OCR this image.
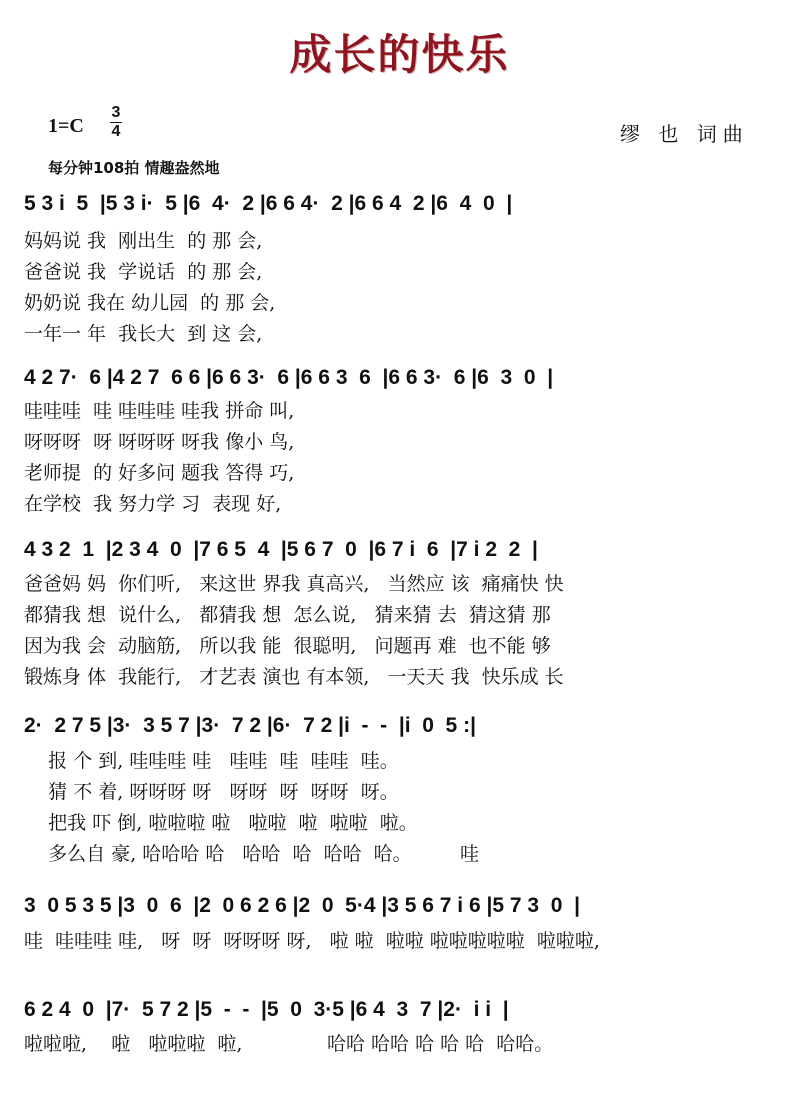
成长的快乐
1=C
3
4	缪 也 词曲
每分钟108拍 情趣盎然地
5 3 i  5  |5 3 i·  5 |6  4·  2 |6 6 4·  2 |6 6 4  2 |6  4  0  |
妈妈说 我  刚出生  的 那 会,
爸爸说 我  学说话  的 那 会,
奶奶说 我在 幼儿园  的 那 会,
一年一 年  我长大  到 这 会,
4 2 7·  6 |4 2 7  6 6 |6 6 3·  6 |6 6 3  6  |6 6 3·  6 |6  3  0  |
哇哇哇  哇 哇哇哇 哇我 拼命 叫,
呀呀呀  呀 呀呀呀 呀我 像小 鸟,
老师提  的 好多问 题我 答得 巧,
在学校  我 努力学 习  表现 好,
4 3 2  1  |2 3 4  0  |7 6 5  4  |5 6 7  0  |6 7 i  6  |7 i 2  2  |
爸爸妈 妈  你们听,   来这世 界我 真高兴,   当然应 该  痛痛快 快
都猜我 想  说什么,   都猜我 想  怎么说,   猜来猜 去  猜这猜 那
因为我 会  动脑筋,   所以我 能  很聪明,   问题再 难  也不能 够
锻炼身 体  我能行,   才艺表 演也 有本领,   一天天 我  快乐成 长
2·  2 7 5 |3·  3 5 7 |3·  7 2 |6·  7 2 |i  -  -  |i  0  5 :|
报 个 到, 哇哇哇 哇   哇哇  哇  哇哇  哇。
猜 不 着, 呀呀呀 呀   呀呀  呀  呀呀  呀。
把我 吓 倒, 啦啦啦 啦   啦啦  啦  啦啦  啦。
多么自 豪, 哈哈哈 哈   哈哈  哈  哈哈  哈。        哇
3  0 5 3 5 |3  0  6  |2  0 6 2 6 |2  0  5·4 |3 5 6 7 i 6 |5 7 3  0  |
哇  哇哇哇 哇,   呀  呀  呀呀呀 呀,   啦 啦  啦啦 啦啦啦啦啦  啦啦啦,
6 2 4  0  |7·  5 7 2 |5  -  -  |5  0  3·5 |6 4  3  7 |2·  i i  |
啦啦啦,    啦   啦啦啦  啦,              哈哈 哈哈 哈 哈 哈  哈哈。
